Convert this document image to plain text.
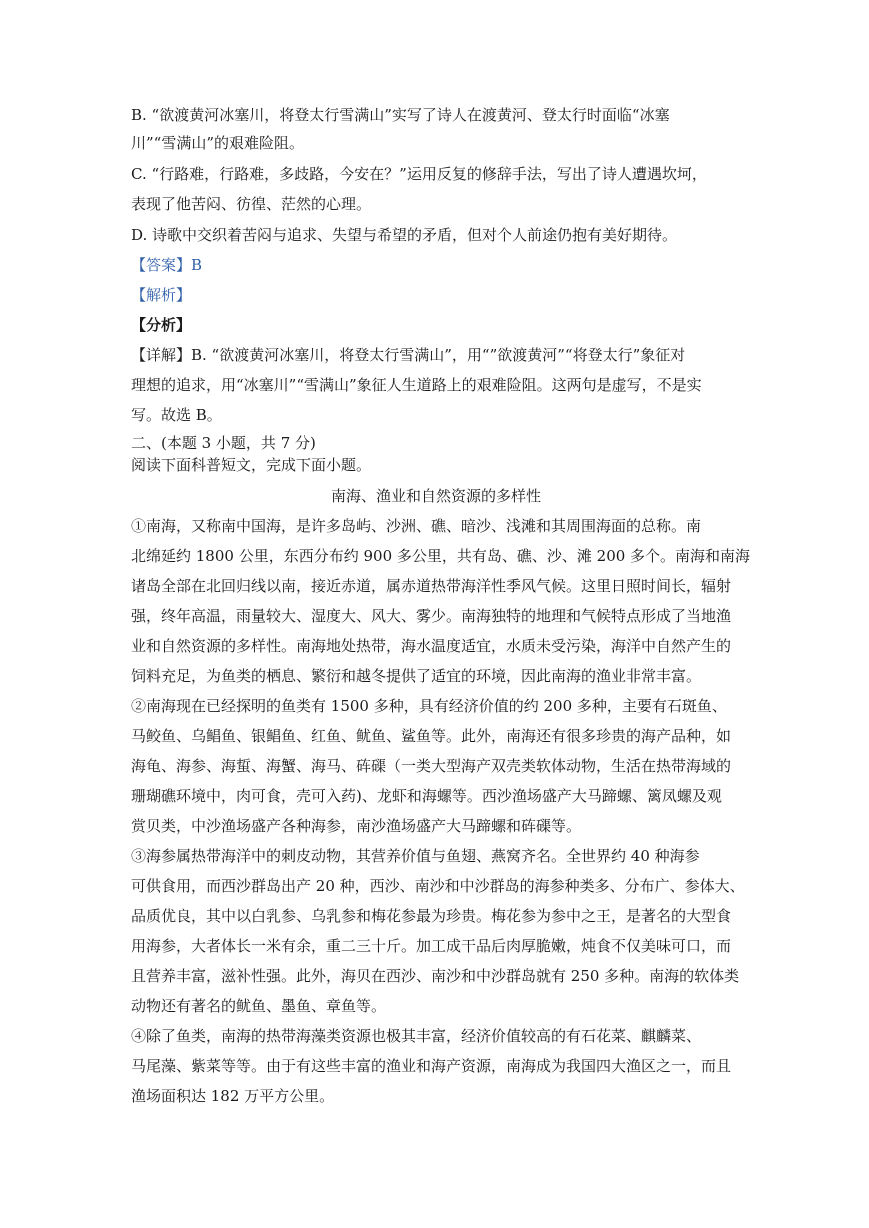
B. “欲渡黄河冰塞川，将登太行雪满山”实写了诗人在渡黄河、登太行时面临“冰塞
川”“雪满山”的艰难险阻。
C. “行路难，行路难，多歧路，今安在？”运用反复的修辞手法，写出了诗人遭遇坎坷，
表现了他苦闷、彷徨、茫然的心理。
D. 诗歌中交织着苦闷与追求、失望与希望的矛盾，但对个人前途仍抱有美好期待。
【答案】B
【解析】
【分析】
【详解】B. “欲渡黄河冰塞川，将登太行雪满山”，用“”欲渡黄河”“将登太行”象征对
理想的追求，用“冰塞川”“雪满山”象征人生道路上的艰难险阻。这两句是虚写，不是实
写。故选 B。
二、(本题 3 小题，共 7 分)
阅读下面科普短文，完成下面小题。
南海、渔业和自然资源的多样性
①南海，又称南中国海，是许多岛屿、沙洲、礁、暗沙、浅滩和其周围海面的总称。南
北绵延约 1800 公里，东西分布约 900 多公里，共有岛、礁、沙、滩 200 多个。南海和南海
诸岛全部在北回归线以南，接近赤道，属赤道热带海洋性季风气候。这里日照时间长，辐射
强，终年高温，雨量较大、湿度大、风大、雾少。南海独特的地理和气候特点形成了当地渔
业和自然资源的多样性。南海地处热带，海水温度适宜，水质未受污染，海洋中自然产生的
饲料充足，为鱼类的栖息、繁衍和越冬提供了适宜的环境，因此南海的渔业非常丰富。
②南海现在已经探明的鱼类有 1500 多种，具有经济价值的约 200 多种，主要有石斑鱼、
马鲛鱼、乌鲳鱼、银鲳鱼、红鱼、鱿鱼、鲨鱼等。此外，南海还有很多珍贵的海产品种，如
海龟、海参、海蜇、海蟹、海马、砗磲（一类大型海产双壳类软体动物，生活在热带海域的
珊瑚礁环境中，肉可食，壳可入药)、龙虾和海螺等。西沙渔场盛产大马蹄螺、篱凤螺及观
赏贝类，中沙渔场盛产各种海参，南沙渔场盛产大马蹄螺和砗磲等。
③海参属热带海洋中的刺皮动物，其营养价值与鱼翅、燕窝齐名。全世界约 40 种海参
可供食用，而西沙群岛出产 20 种，西沙、南沙和中沙群岛的海参种类多、分布广、参体大、
品质优良，其中以白乳参、乌乳参和梅花参最为珍贵。梅花参为参中之王，是著名的大型食
用海参，大者体长一米有余，重二三十斤。加工成干品后肉厚脆嫩，炖食不仅美味可口，而
且营养丰富，滋补性强。此外，海贝在西沙、南沙和中沙群岛就有 250 多种。南海的软体类
动物还有著名的鱿鱼、墨鱼、章鱼等。
④除了鱼类，南海的热带海藻类资源也极其丰富，经济价值较高的有石花菜、麒麟菜、
马尾藻、紫菜等等。由于有这些丰富的渔业和海产资源，南海成为我国四大渔区之一，而且
渔场面积达 182 万平方公里。
